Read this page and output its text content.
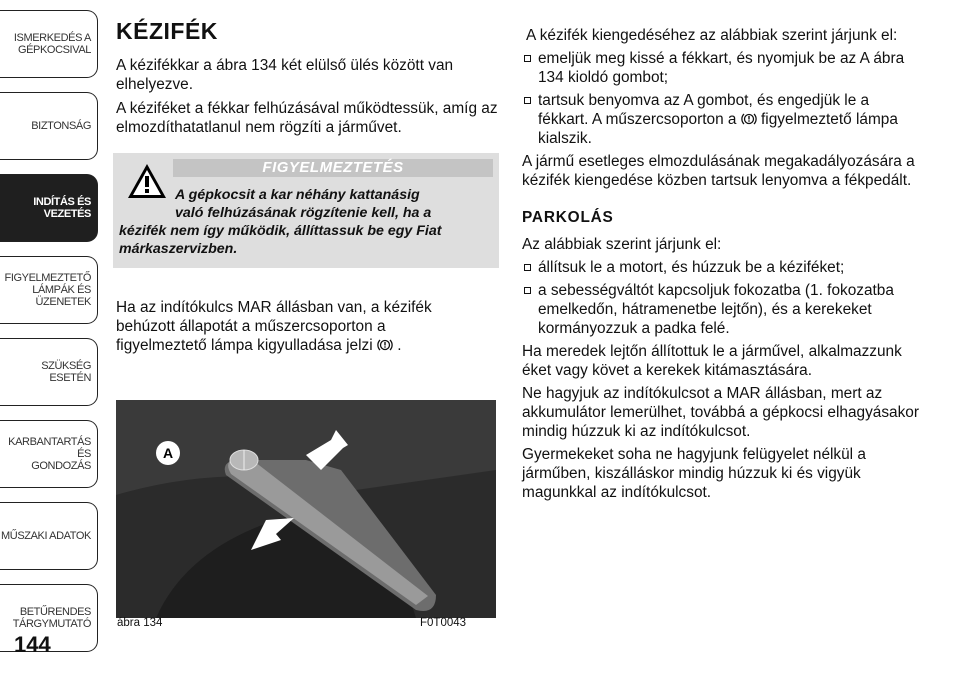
ISMERKEDÉS A
GÉPKOCSIVAL
BIZTONSÁG
INDÍTÁS ÉS
VEZETÉS
FIGYELMEZTETŐ
LÁMPÁK ÉS
ÜZENETEK
SZÜKSÉG ESETÉN
KARBANTARTÁS ÉS
GONDOZÁS
MŰSZAKI ADATOK
BETŰRENDES
TÁRGYMUTATÓ
144
KÉZIFÉK

A kézifékkar a ábra 134 két elülső ülés között van elhelyezve.

A kéziféket a fékkar felhúzásával működtessük, amíg az elmozdíthatatlanul nem rögzíti a járművet.

FIGYELMEZTETÉS
A gépkocsit a kar néhány kattanásig
való felhúzásának rögzítenie kell, ha a
kézifék nem így működik, állíttassuk be egy Fiat márkaszervizben.

Ha az indítókulcs MAR állásban van, a kézifék behúzott állapotát a műszercsoporton a figyelmeztető lámpa kigyulladása jelzi .

A
ábra 134	F0T0043

A kézifék kiengedéséhez az alábbiak szerint járjunk el:

emeljük meg kissé a fékkart, és nyomjuk be az A ábra 134 kioldó gombot;
tartsuk benyomva az A gombot, és engedjük le a fékkart. A műszercsoporton a figyelmeztető lámpa kialszik.

A jármű esetleges elmozdulásának megakadályozására a kézifék kiengedése közben tartsuk lenyomva a fékpedált.

PARKOLÁS

Az alábbiak szerint járjunk el:

állítsuk le a motort, és húzzuk be a kéziféket;
a sebességváltót kapcsoljuk fokozatba (1. fokozatba emelkedőn, hátramenetbe lejtőn), és a kerekeket kormányozzuk a padka felé.

Ha meredek lejtőn állítottuk le a járművel, alkalmazzunk éket vagy követ a kerekek kitámasztására.

Ne hagyjuk az indítókulcsot a MAR állásban, mert az akkumulátor lemerülhet, továbbá a gépkocsi elhagyásakor mindig húzzuk ki az indítókulcsot.

Gyermekeket soha ne hagyjunk felügyelet nélkül a járműben, kiszálláskor mindig húzzuk ki és vigyük magunkkal az indítókulcsot.
